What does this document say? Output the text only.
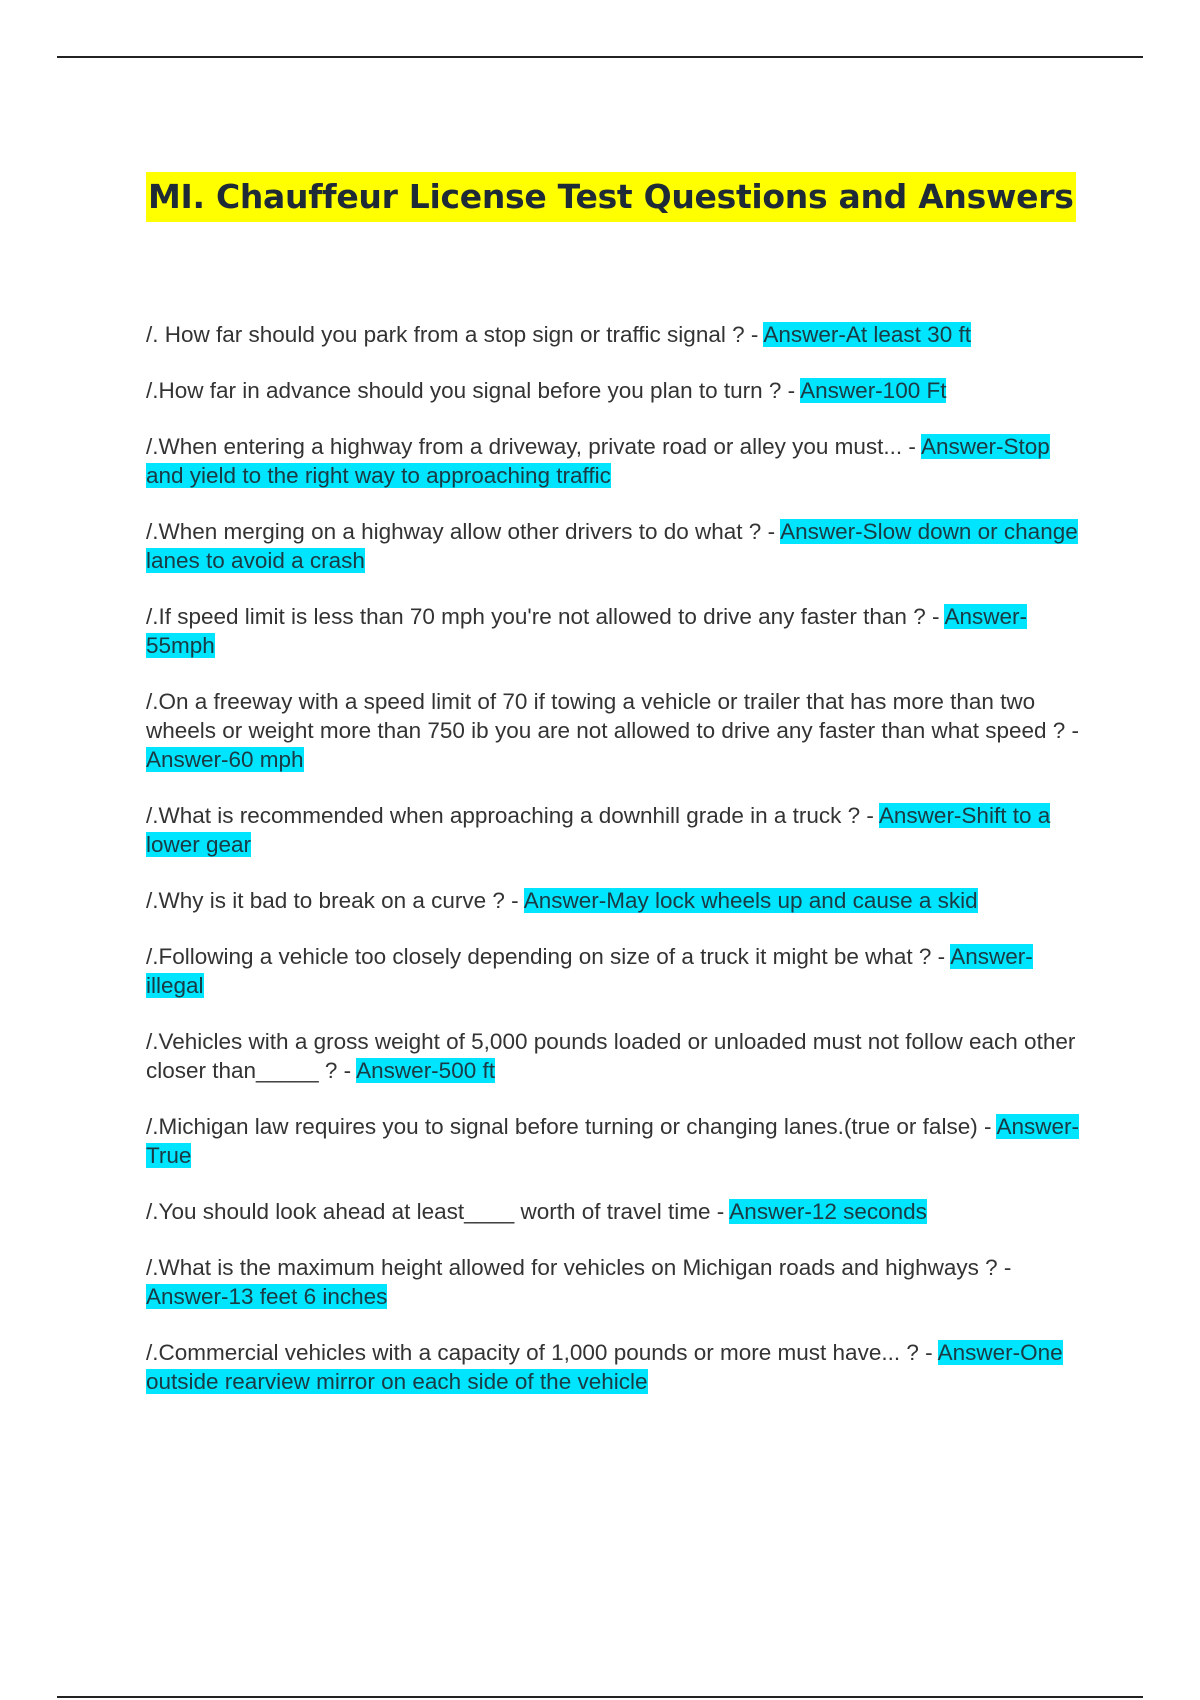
MI. Chauffeur License Test Questions and Answers

/. How far should you park from a stop sign or traffic signal ? - Answer-At least 30 ft

/.How far in advance should you signal before you plan to turn ? - Answer-100 Ft

/.When entering a highway from a driveway, private road or alley you must... - Answer-Stop and yield to the right way to approaching traffic

/.When merging on a highway allow other drivers to do what ? - Answer-Slow down or change lanes to avoid a crash

/.If speed limit is less than 70 mph you're not allowed to drive any faster than ? - Answer-55mph

/.On a freeway with a speed limit of 70 if towing a vehicle or trailer that has more than two wheels or weight more than 750 ib you are not allowed to drive any faster than what speed ? - Answer-60 mph

/.What is recommended when approaching a downhill grade in a truck ? - Answer-Shift to a lower gear

/.Why is it bad to break on a curve ? - Answer-May lock wheels up and cause a skid

/.Following a vehicle too closely depending on size of a truck it might be what ? - Answer-illegal

/.Vehicles with a gross weight of 5,000 pounds loaded or unloaded must not follow each other closer than_____ ? - Answer-500 ft

/.Michigan law requires you to signal before turning or changing lanes.(true or false) - Answer-True

/.You should look ahead at least____ worth of travel time - Answer-12 seconds

/.What is the maximum height allowed for vehicles on Michigan roads and highways ? - Answer-13 feet 6 inches

/.Commercial vehicles with a capacity of 1,000 pounds or more must have... ? - Answer-One outside rearview mirror on each side of the vehicle
